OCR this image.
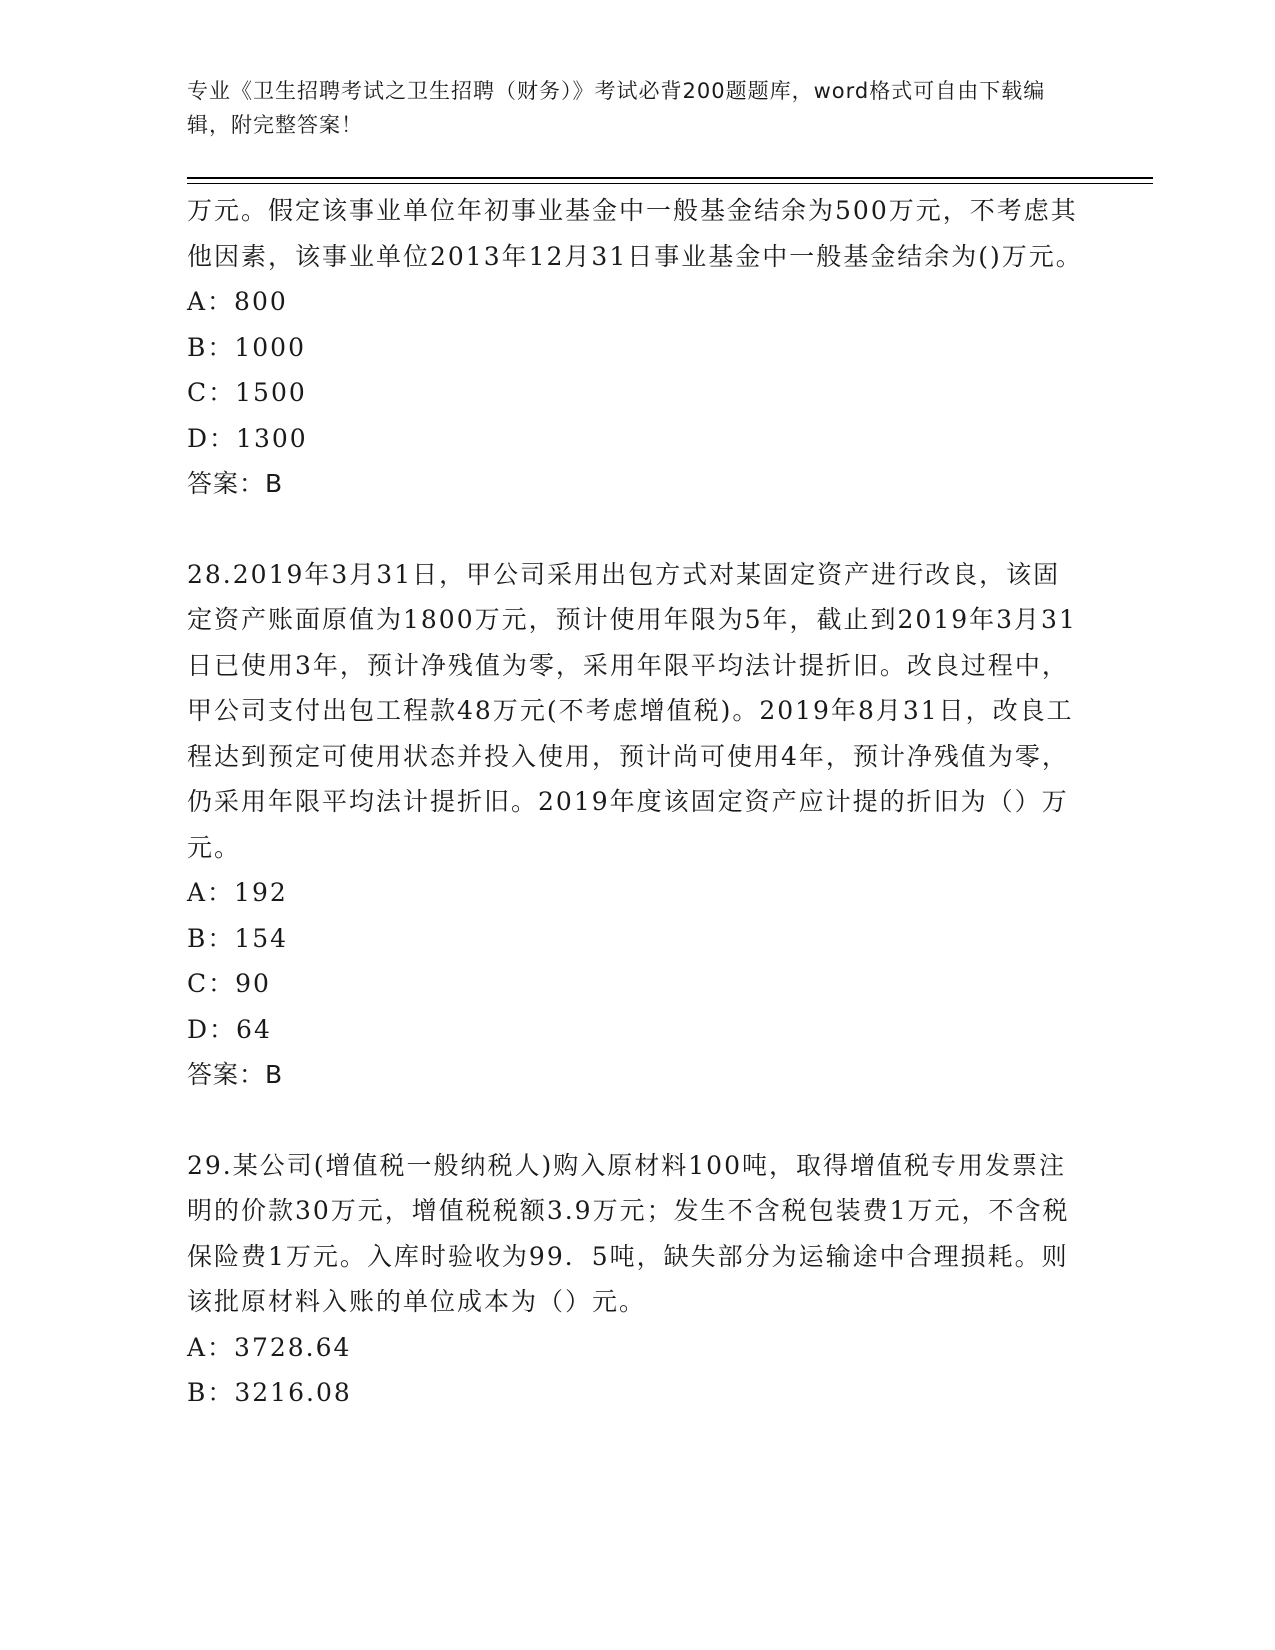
专业《卫生招聘考试之卫生招聘（财务）》考试必背200题题库，word格式可自由下载编辑，附完整答案！

万元。假定该事业单位年初事业基金中一般基金结余为500万元，不考虑其他因素，该事业单位2013年12月31日事业基金中一般基金结余为()万元。

A：800

B：1000

C：1500

D：1300

答案：B

28.2019年3月31日，甲公司采用出包方式对某固定资产进行改良，该固定资产账面原值为1800万元，预计使用年限为5年，截止到2019年3月31日已使用3年，预计净残值为零，采用年限平均法计提折旧。改良过程中，甲公司支付出包工程款48万元(不考虑增值税)。2019年8月31日，改良工程达到预定可使用状态并投入使用，预计尚可使用4年，预计净残值为零，仍采用年限平均法计提折旧。2019年度该固定资产应计提的折旧为（）万元。

A：192

B：154

C：90

D：64

答案：B

29.某公司(增值税一般纳税人)购入原材料100吨，取得增值税专用发票注明的价款30万元，增值税税额3.9万元；发生不含税包装费1万元，不含税保险费1万元。入库时验收为99．5吨，缺失部分为运输途中合理损耗。则该批原材料入账的单位成本为（）元。

A：3728.64

B：3216.08
